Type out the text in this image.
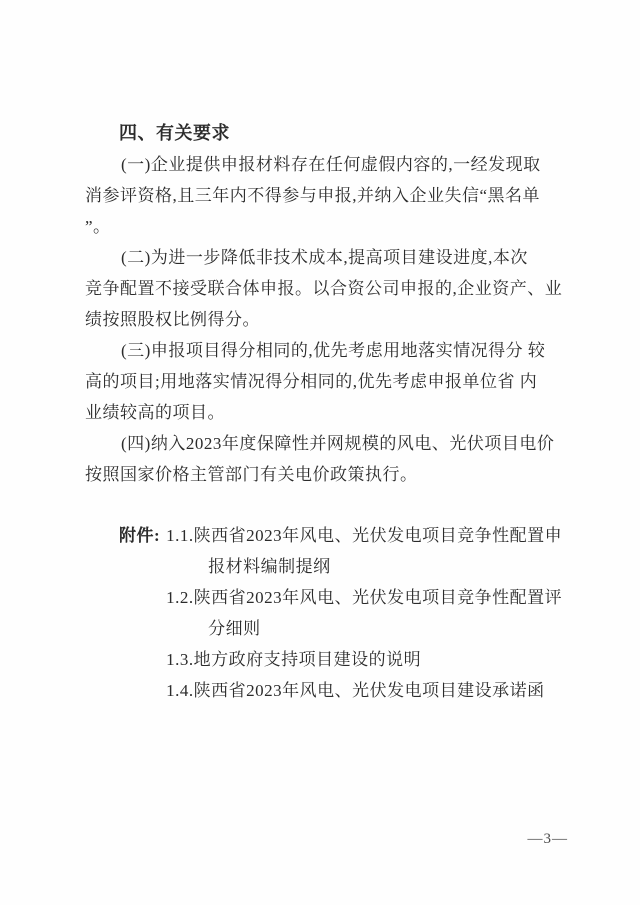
四、有关要求
(一)企业提供申报材料存在任何虚假内容的,一经发现取
消参评资格,且三年内不得参与申报,并纳入企业失信“黑名单
”。
(二)为进一步降低非技术成本,提高项目建设进度,本次
竞争配置不接受联合体申报。以合资公司申报的,企业资产、业
绩按照股权比例得分。
(三)申报项目得分相同的,优先考虑用地落实情况得分 较
高的项目;用地落实情况得分相同的,优先考虑申报单位省 内
业绩较高的项目。
(四)纳入2023年度保障性并网规模的风电、光伏项目电价
按照国家价格主管部门有关电价政策执行。
附件: 1.1.陕西省2023年风电、光伏发电项目竞争性配置申
报材料编制提纲
1.2.陕西省2023年风电、光伏发电项目竞争性配置评
分细则
1.3.地方政府支持项目建设的说明
1.4.陕西省2023年风电、光伏发电项目建设承诺函
—3—
